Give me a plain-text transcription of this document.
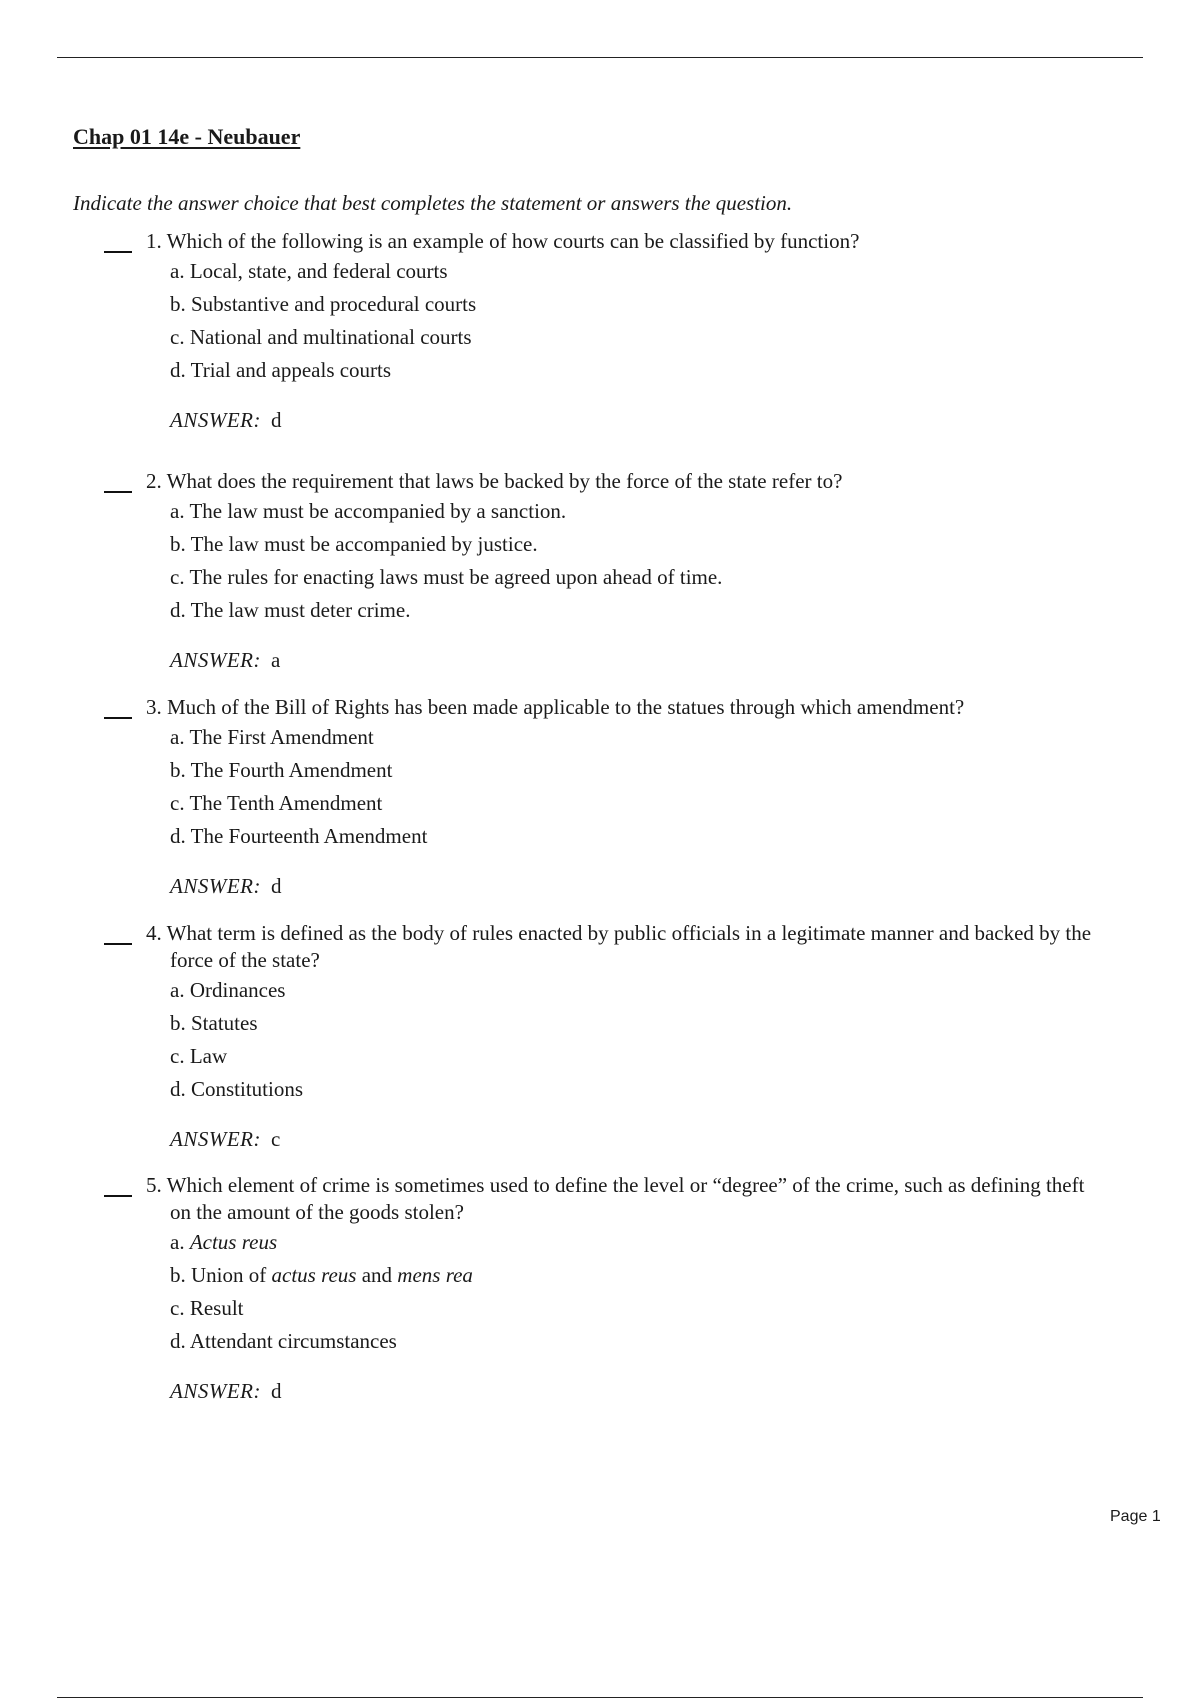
Chap 01 14e - Neubauer
Indicate the answer choice that best completes the statement or answers the question.
1. Which of the following is an example of how courts can be classified by function?
a. Local, state, and federal courts
b. Substantive and procedural courts
c. National and multinational courts
d. Trial and appeals courts
ANSWER: d
2. What does the requirement that laws be backed by the force of the state refer to?
a. The law must be accompanied by a sanction.
b. The law must be accompanied by justice.
c. The rules for enacting laws must be agreed upon ahead of time.
d. The law must deter crime.
ANSWER: a
3. Much of the Bill of Rights has been made applicable to the statues through which amendment?
a. The First Amendment
b. The Fourth Amendment
c. The Tenth Amendment
d. The Fourteenth Amendment
ANSWER: d
4. What term is defined as the body of rules enacted by public officials in a legitimate manner and backed by the
force of the state?
a. Ordinances
b. Statutes
c. Law
d. Constitutions
ANSWER: c
5. Which element of crime is sometimes used to define the level or “degree” of the crime, such as defining theft
on the amount of the goods stolen?
a. Actus reus
b. Union of actus reus and mens rea
c. Result
d. Attendant circumstances
ANSWER: d
Page 1
